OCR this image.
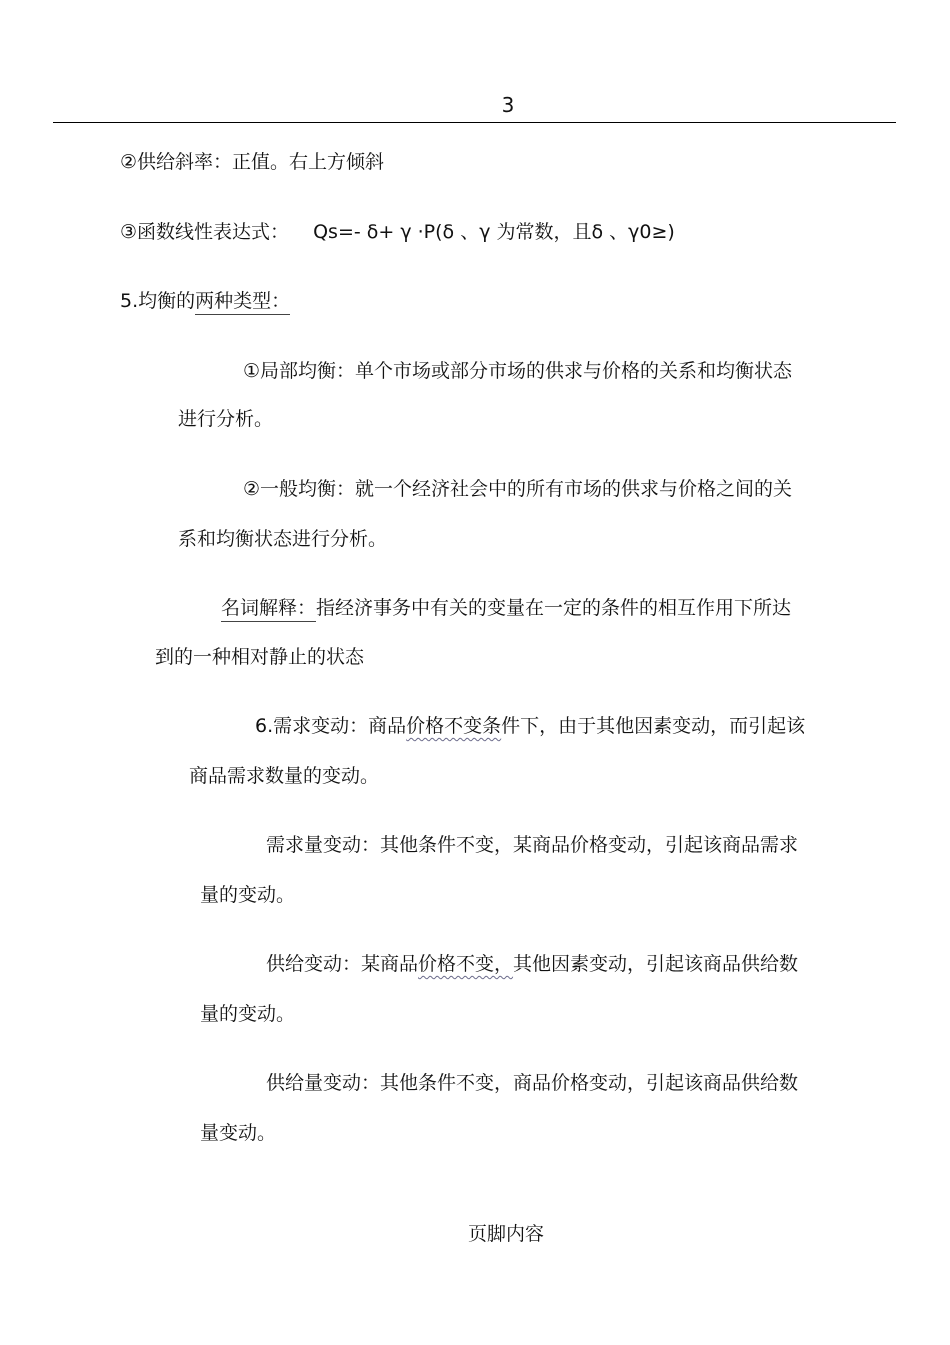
3
②供给斜率：正值。右上方倾斜
③函数线性表达式： Qs=- δ+ γ ·P(δ 、γ 为常数，且δ 、γ0≥)
5.均衡的两种类型：
①局部均衡：单个市场或部分市场的供求与价格的关系和均衡状态
进行分析。
②一般均衡：就一个经济社会中的所有市场的供求与价格之间的关
系和均衡状态进行分析。
名词解释：指经济事务中有关的变量在一定的条件的相互作用下所达
到的一种相对静止的状态
6.需求变动：商品价格不变条件下，由于其他因素变动，而引起该
商品需求数量的变动。
需求量变动：其他条件不变，某商品价格变动，引起该商品需求
量的变动。
供给变动：某商品价格不变，其他因素变动，引起该商品供给数
量的变动。
供给量变动：其他条件不变，商品价格变动，引起该商品供给数
量变动。
页脚内容
